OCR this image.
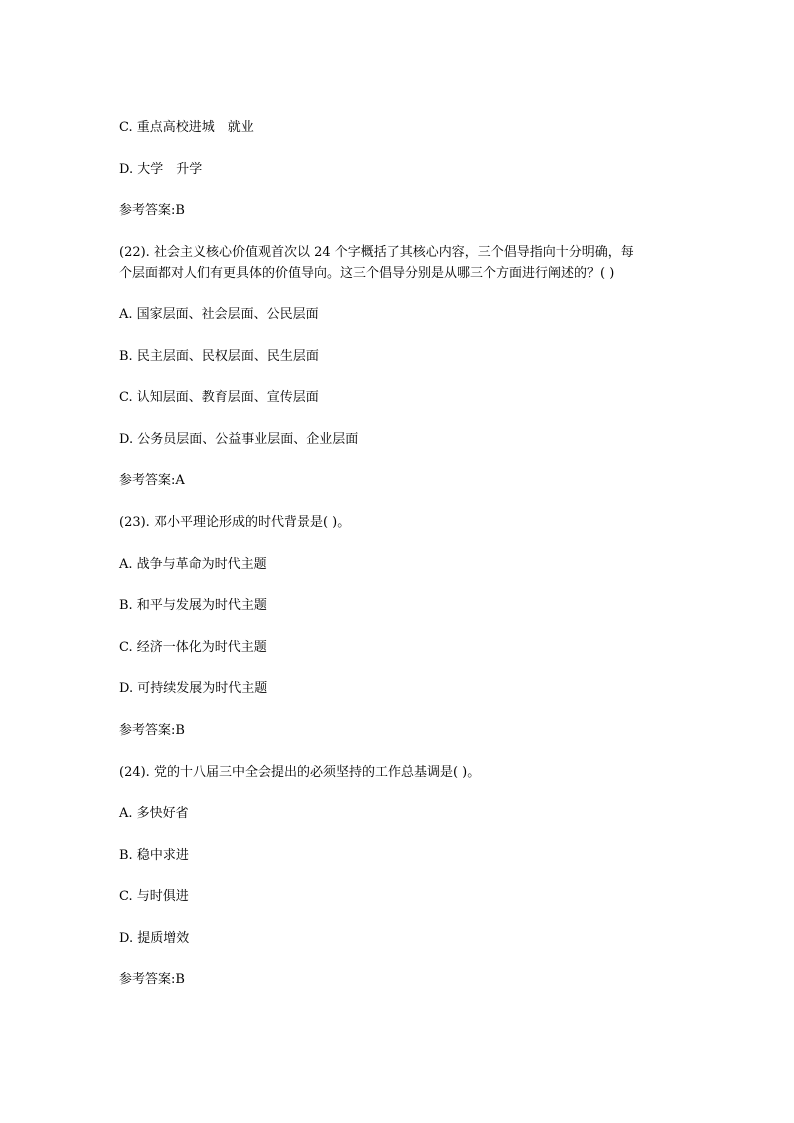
C. 重点高校进城　就业
D. 大学　升学
参考答案:B
(22). 社会主义核心价值观首次以 24 个字概括了其核心内容，三个倡导指向十分明确，每
个层面都对人们有更具体的价值导向。这三个倡导分别是从哪三个方面进行阐述的？( )
A. 国家层面、社会层面、公民层面
B. 民主层面、民权层面、民生层面
C. 认知层面、教育层面、宣传层面
D. 公务员层面、公益事业层面、企业层面
参考答案:A
(23). 邓小平理论形成的时代背景是( )。
A. 战争与革命为时代主题
B. 和平与发展为时代主题
C. 经济一体化为时代主题
D. 可持续发展为时代主题
参考答案:B
(24). 党的十八届三中全会提出的必须坚持的工作总基调是( )。
A. 多快好省
B. 稳中求进
C. 与时俱进
D. 提质增效
参考答案:B
